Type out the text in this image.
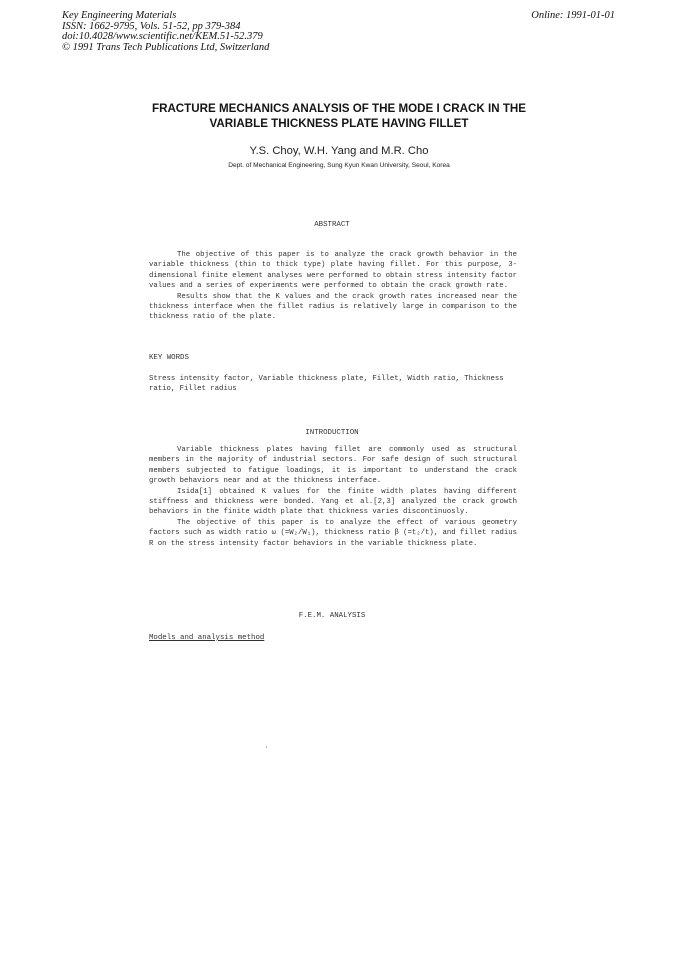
Key Engineering Materials
ISSN: 1662-9795, Vols. 51-52, pp 379-384
doi:10.4028/www.scientific.net/KEM.51-52.379
© 1991 Trans Tech Publications Ltd, Switzerland
Online: 1991-01-01
FRACTURE MECHANICS ANALYSIS OF THE MODE I CRACK IN THE
VARIABLE THICKNESS PLATE HAVING FILLET
Y.S. Choy, W.H. Yang and M.R. Cho
Dept. of Mechanical Engineering, Sung Kyun Kwan University, Seoul, Korea
ABSTRACT

The objective of this paper is to analyze the crack growth behavior in the variable thickness (thin to thick type) plate having fillet. For this purpose, 3-dimensional finite element analyses were performed to obtain stress intensity factor values and a series of experiments were performed to obtain the crack growth rate.

Results show that the K values and the crack growth rates increased near the thickness interface when the fillet radius is relatively large in comparison to the thickness ratio of the plate.

KEY WORDS
Stress intensity factor, Variable thickness plate, Fillet, Width ratio, Thickness ratio, Fillet radius
INTRODUCTION

Variable thickness plates having fillet are commonly used as structural members in the majority of industrial sectors. For safe design of such structural members subjected to fatigue loadings, it is important to understand the crack growth behaviors near and at the thickness interface.

Isida[1] obtained K values for the finite width plates having different stiffness and thickness were bonded. Yang et al.[2,3] analyzed the crack growth behaviors in the finite width plate that thickness varies discontinuosly.

The objective of this paper is to analyze the effect of various geometry factors such as width ratio ω (=W₂/W₁), thickness ratio β (=t₂/t), and fillet radius R on the stress intensity factor behaviors in the variable thickness plate.

F.E.M. ANALYSIS
Models and analysis method
